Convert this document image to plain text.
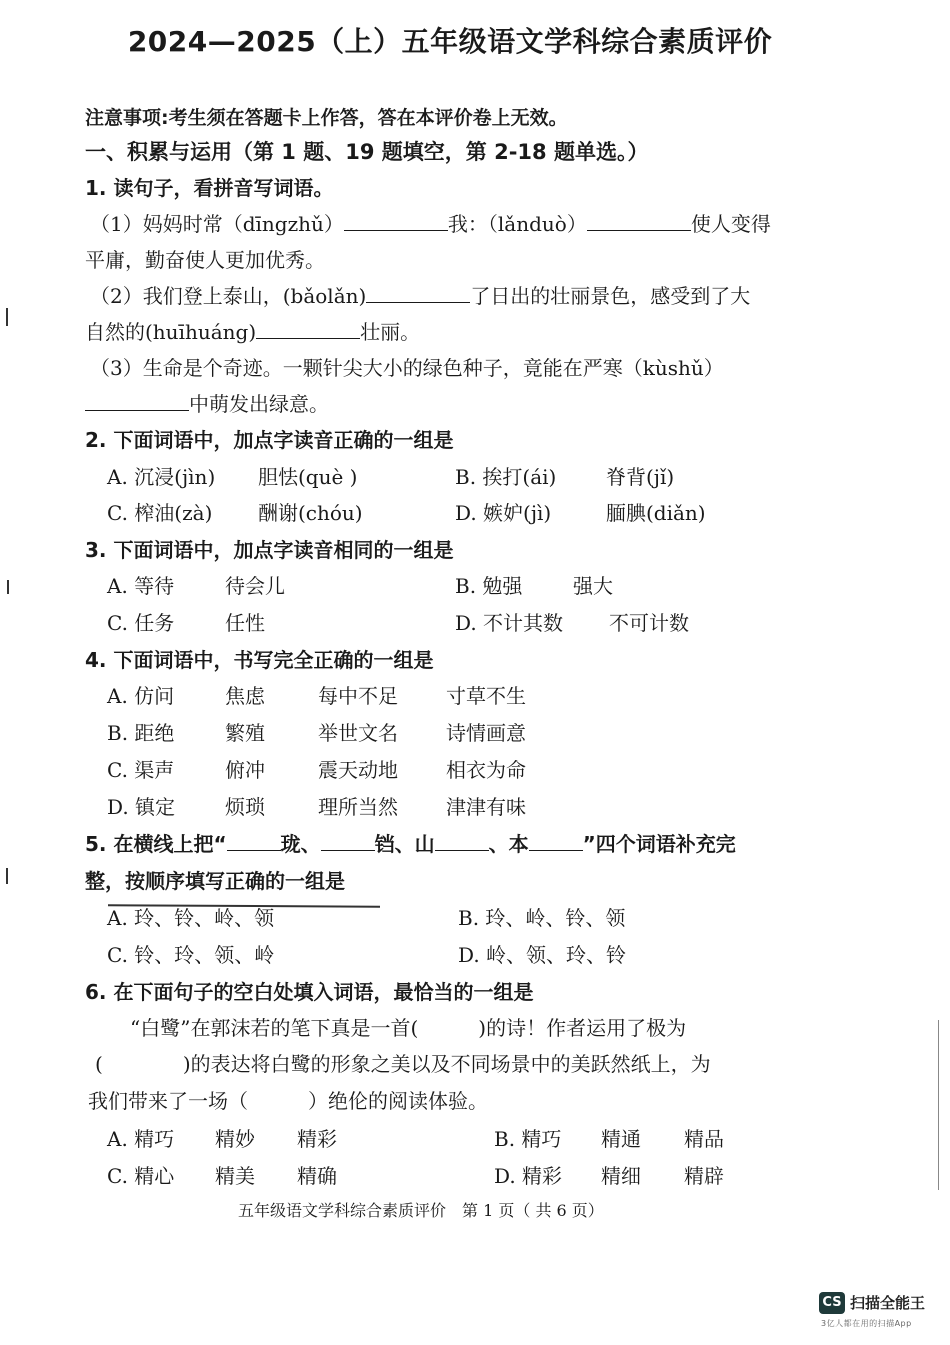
2024—2025（上）五年级语文学科综合素质评价
注意事项:考生须在答题卡上作答，答在本评价卷上无效。
一、积累与运用（第 1 题、19 题填空，第 2-18 题单选。）
1. 读句子，看拼音写词语。
（1）妈妈时常（dīngzhǔ）	我：（lǎnduò）	使人变得
平庸，勤奋使人更加优秀。
（2）我们登上泰山，(bǎolǎn)	了日出的壮丽景色，感受到了大
自然的(huīhuáng)	壮丽。
（3）生命是个奇迹。一颗针尖大小的绿色种子，竟能在严寒（kùshǔ）
中萌发出绿意。
2. 下面词语中，加点字读音正确的一组是
A. 沉浸(jìn) 胆怯(què )	B. 挨打(ái) 脊背(jǐ)
C. 榨油(zà) 酬谢(chóu)	D. 嫉妒(jì)	腼腆(diǎn)
3. 下面词语中，加点字读音相同的一组是
A. 等待	待会儿	B. 勉强	强大
C. 任务	任性	D. 不计其数 不可计数
4. 下面词语中，书写完全正确的一组是
A. 仿问	焦虑	每中不足 寸草不生
B. 距绝	繁殖	举世文名 诗情画意
C. 渠声	俯冲	震天动地 相衣为命
D. 镇定 烦琐	理所当然 津津有味
5. 在横线上把“	珑、	铛、山	、本	”四个词语补充完
整，按顺序填写正确的一组是
A. 玲、铃、岭、领	B. 玲、岭、铃、领
C. 铃、玲、领、岭	D. 岭、领、玲、铃
6. 在下面句子的空白处填入词语，最恰当的一组是
“白鹭”在郭沫若的笔下真是一首(	)的诗！作者运用了极为
(	)的表达将白鹭的形象之美以及不同场景中的美跃然纸上，为
我们带来了一场（	）绝伦的阅读体验。
A. 精巧 精妙 精彩	B. 精巧 精通 精品
C. 精心 精美 精确	D. 精彩 精细 精辟
五年级语文学科综合素质评价　第 1 页（ 共 6 页）
CS 扫描全能王
3亿人都在用的扫描App
